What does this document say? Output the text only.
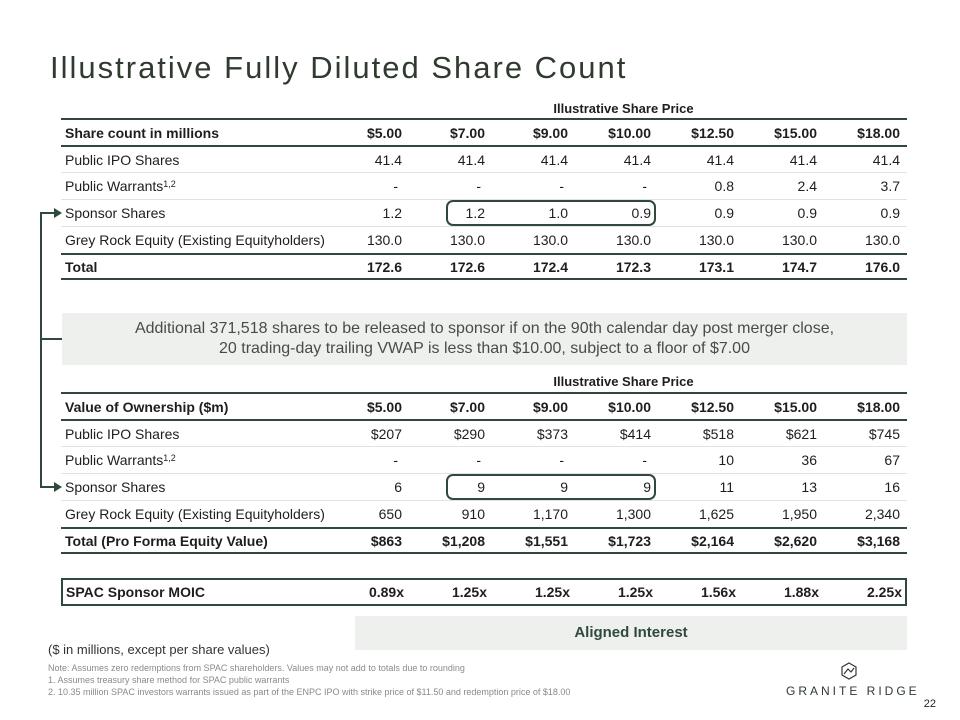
Illustrative Fully Diluted Share Count
Illustrative Share Price
Share count in millions	$5.00	$7.00	$9.00	$10.00	$12.50	$15.00	$18.00
Public IPO Shares	41.4	41.4	41.4	41.4	41.4	41.4	41.4
Public Warrants$^{1,2}$	-	-	-	-	0.8	2.4	3.7
Sponsor Shares	1.2	1.2	1.0	0.9	0.9	0.9	0.9
Grey Rock Equity (Existing Equityholders)	130.0	130.0	130.0	130.0	130.0	130.0	130.0
Total	172.6	172.6	172.4	172.3	173.1	174.7	176.0
Additional 371,518 shares to be released to sponsor if on the 90th calendar day post merger close,
20 trading-day trailing VWAP is less than $10.00, subject to a floor of $7.00
Illustrative Share Price
Value of Ownership ($m)	$5.00	$7.00	$9.00	$10.00	$12.50	$15.00	$18.00
Public IPO Shares	$207	$290	$373	$414	$518	$621	$745
Public Warrants$^{1,2}$	-	-	-	-	10	36	67
Sponsor Shares	6	9	9	9	11	13	16
Grey Rock Equity (Existing Equityholders)	650	910	1,170	1,300	1,625	1,950	2,340
Total (Pro Forma Equity Value)	$863	$1,208	$1,551	$1,723	$2,164	$2,620	$3,168
SPAC Sponsor MOIC	0.89x	1.25x	1.25x	1.25x	1.56x	1.88x	2.25x
Aligned Interest
($ in millions, except per share values)
Note: Assumes zero redemptions from SPAC shareholders. Values may not add to totals due to rounding
1. Assumes treasury share method for SPAC public warrants
2. 10.35 million SPAC investors warrants issued as part of the ENPC IPO with strike price of $11.50 and redemption price of $18.00	GRANITE RIDGE
22
